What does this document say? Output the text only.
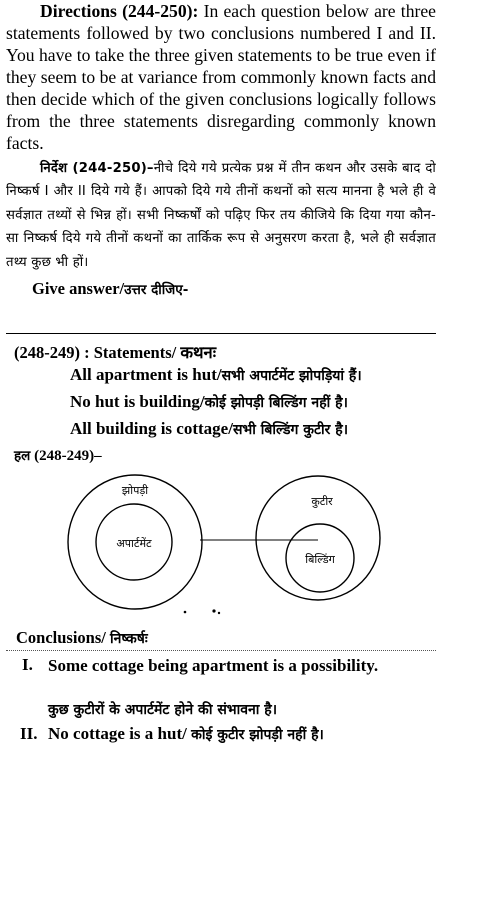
Directions (244-250): In each question below are three statements followed by two conclusions numbered I and II. You have to take the three given statements to be true even if they seem to be at variance from commonly known facts and then decide which of the given conclusions logically follows from the three statements disregarding commonly known facts.

निर्देश (244-250)–नीचे दिये गये प्रत्येक प्रश्न में तीन कथन और उसके बाद दो निष्कर्ष I और II दिये गये हैं। आपको दिये गये तीनों कथनों को सत्य मानना है भले ही वे सर्वज्ञात तथ्यों से भिन्न हों। सभी निष्कर्षों को पढ़िए फिर तय कीजिये कि दिया गया कौन-सा निष्कर्ष दिये गये तीनों कथनों का तार्किक रूप से अनुसरण करता है, भले ही सर्वज्ञात तथ्य कुछ भी हों।

Give answer/उत्तर दीजिए-

(248-249) : Statements/ कथनः
All apartment is hut/सभी अपार्टमेंट झोपड़ियां हैं।
No hut is building/कोई झोपड़ी बिल्डिंग नहीं है।
All building is cottage/सभी बिल्डिंग कुटीर है।
हल (248-249)–
झोपड़ी
अपार्टमेंट
कुटीर
बिल्डिंग
Conclusions/ निष्कर्षः
I. Some cottage being apartment is a possibility.
कुछ कुटीरों के अपार्टमेंट होने की संभावना है।
II. No cottage is a hut/ कोई कुटीर झोपड़ी नहीं है।
